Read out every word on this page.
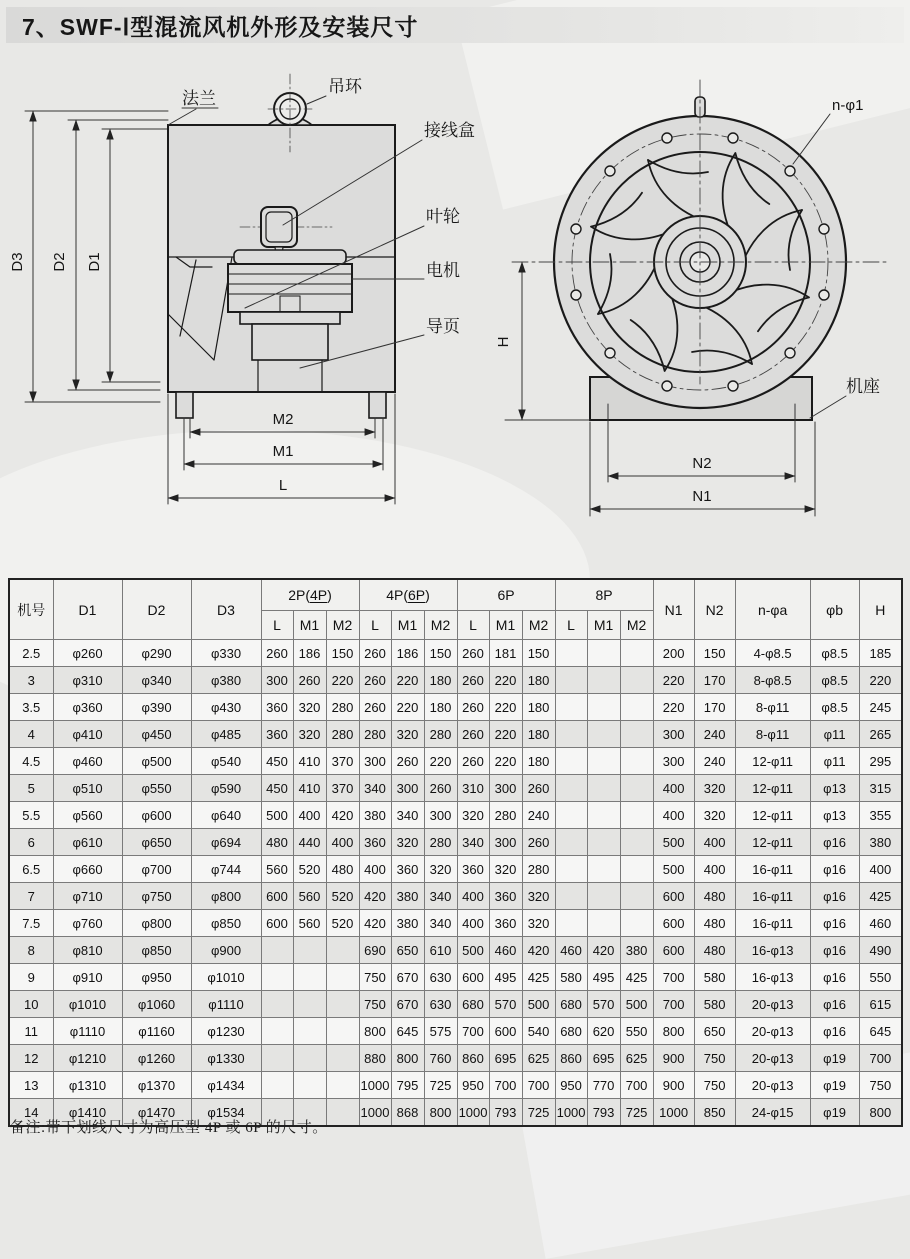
7、SWF-Ⅰ型混流风机外形及安装尺寸
D3 D2 D1
吊环
法兰
接线盒
叶轮
电机
导页
M2
M1
L
n-φ1
H
机座
N2
N1
机号	D1	D2	D3	2P(4P)			4P(6P)			6P			8P			N1	N2	n-φa	φb	H
				L	M1	M2	L	M1	M2	L	M1	M2	L	M1	M2					
2.5	φ260	φ290	φ330	260	186	150	260	186	150	260	181	150				200	150	4-φ8.5	φ8.5	185
3	φ310	φ340	φ380	300	260	220	260	220	180	260	220	180				220	170	8-φ8.5	φ8.5	220
3.5	φ360	φ390	φ430	360	320	280	260	220	180	260	220	180				220	170	8-φ11	φ8.5	245
4	φ410	φ450	φ485	360	320	280	280	320	280	260	220	180				300	240	8-φ11	φ11	265
4.5	φ460	φ500	φ540	450	410	370	300	260	220	260	220	180				300	240	12-φ11	φ11	295
5	φ510	φ550	φ590	450	410	370	340	300	260	310	300	260				400	320	12-φ11	φ13	315
5.5	φ560	φ600	φ640	500	400	420	380	340	300	320	280	240				400	320	12-φ11	φ13	355
6	φ610	φ650	φ694	480	440	400	360	320	280	340	300	260				500	400	12-φ11	φ16	380
6.5	φ660	φ700	φ744	560	520	480	400	360	320	360	320	280				500	400	16-φ11	φ16	400
7	φ710	φ750	φ800	600	560	520	420	380	340	400	360	320				600	480	16-φ11	φ16	425
7.5	φ760	φ800	φ850	600	560	520	420	380	340	400	360	320				600	480	16-φ11	φ16	460
8	φ810	φ850	φ900				690	650	610	500	460	420	460	420	380	600	480	16-φ13	φ16	490
9	φ910	φ950	φ1010				750	670	630	600	495	425	580	495	425	700	580	16-φ13	φ16	550
10	φ1010	φ1060	φ1110				750	670	630	680	570	500	680	570	500	700	580	20-φ13	φ16	615
11	φ1110	φ1160	φ1230				800	645	575	700	600	540	680	620	550	800	650	20-φ13	φ16	645
12	φ1210	φ1260	φ1330				880	800	760	860	695	625	860	695	625	900	750	20-φ13	φ19	700
13	φ1310	φ1370	φ1434				1000	795	725	950	700	700	950	770	700	900	750	20-φ13	φ19	750
14	φ1410	φ1470	φ1534				1000	868	800	1000	793	725	1000	793	725	1000	850	24-φ15	φ19	800
备注:带下划线尺寸为高压型 4P 或 6P 的尺寸。
